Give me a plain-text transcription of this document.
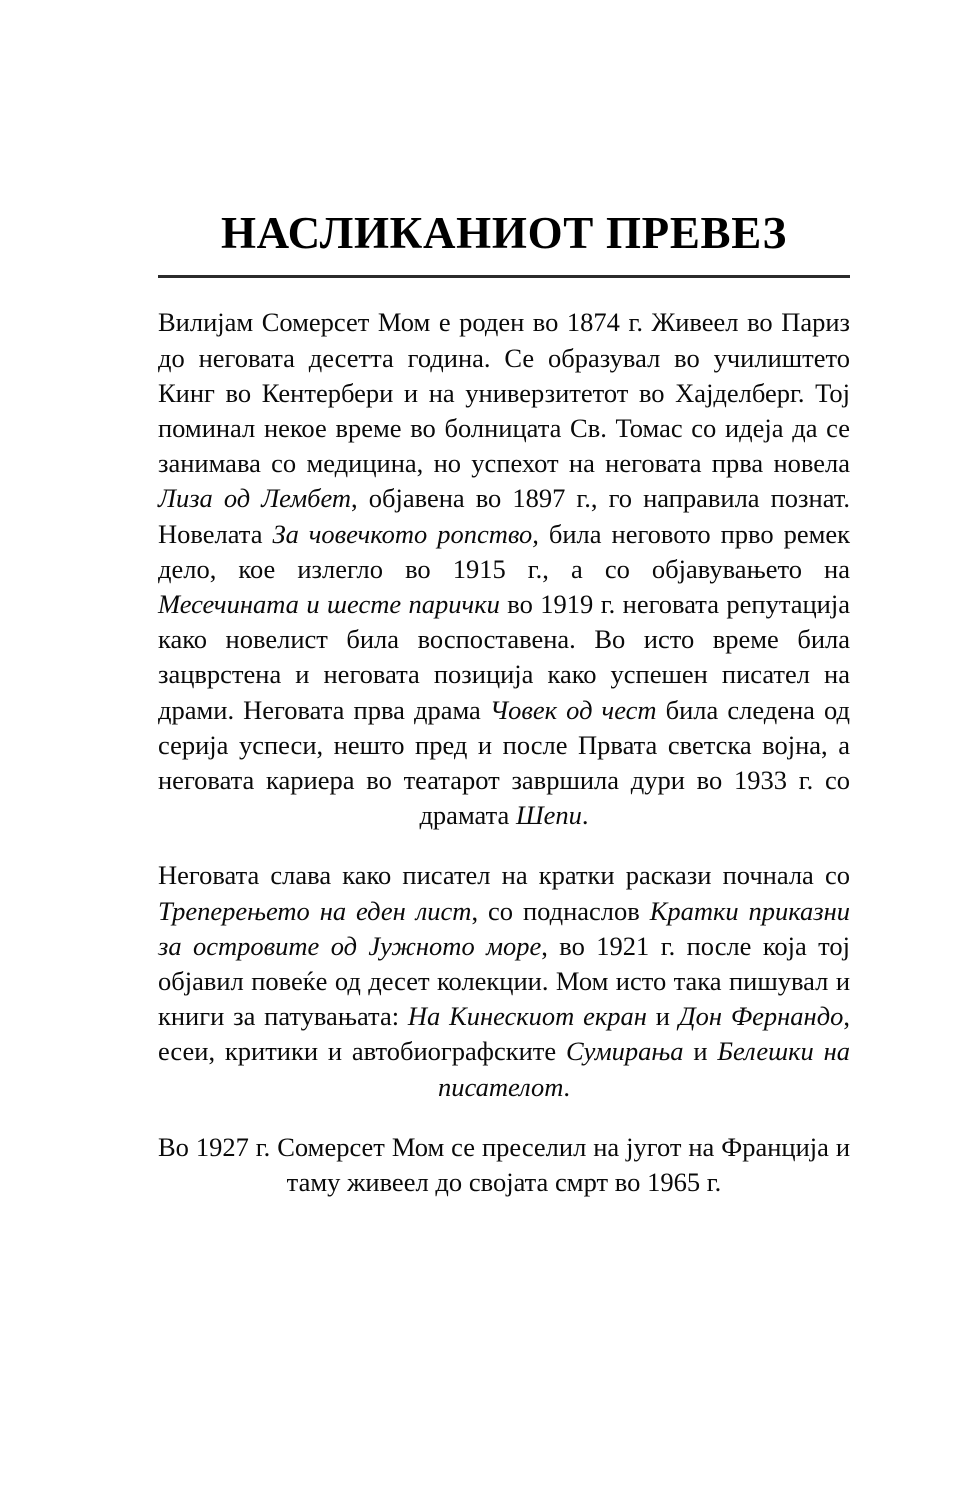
НАСЛИКАНИОТ ПРЕВЕЗ

Вилијам Сомерсет Мом е роден во 1874 г. Живеел во Париз до неговата десетта година. Се образувал во училиштето Кинг во Кентербери и на универзитетот во Хајделберг. Тој поминал некое време во болницата Св. Томас со идеја да се занимава со медицина, но успехот на неговата прва новела Лиза од Лембет, објавена во 1897 г., го направила познат. Новелата За човечкото ропство, била неговото прво ремек дело, кое излегло во 1915 г., а со објавувањето на Месечината и шесте парички во 1919 г. неговата репутација како новелист била воспоставена. Во исто време била зацврстена и неговата позиција како успешен писател на драми. Неговата прва драма Човек од чест била следена од серија успеси, нешто пред и после Првата светска војна, а неговата кариера во театарот завршила дури во 1933 г. со драмата Шепи.

Неговата слава како писател на кратки раскази почнала со Треперењето на еден лист, со поднаслов Кратки приказни за островите од Јужното море, во 1921 г. после која тој објавил повеќе од десет колекции. Мом исто така пишувал и книги за патувањата: На Кинескиот екран и Дон Фернандо, есеи, критики и автобиографските Сумирања и Белешки на писателот.

Во 1927 г. Сомерсет Мом се преселил на југот на Франција и таму живеел до својата смрт во 1965 г.
